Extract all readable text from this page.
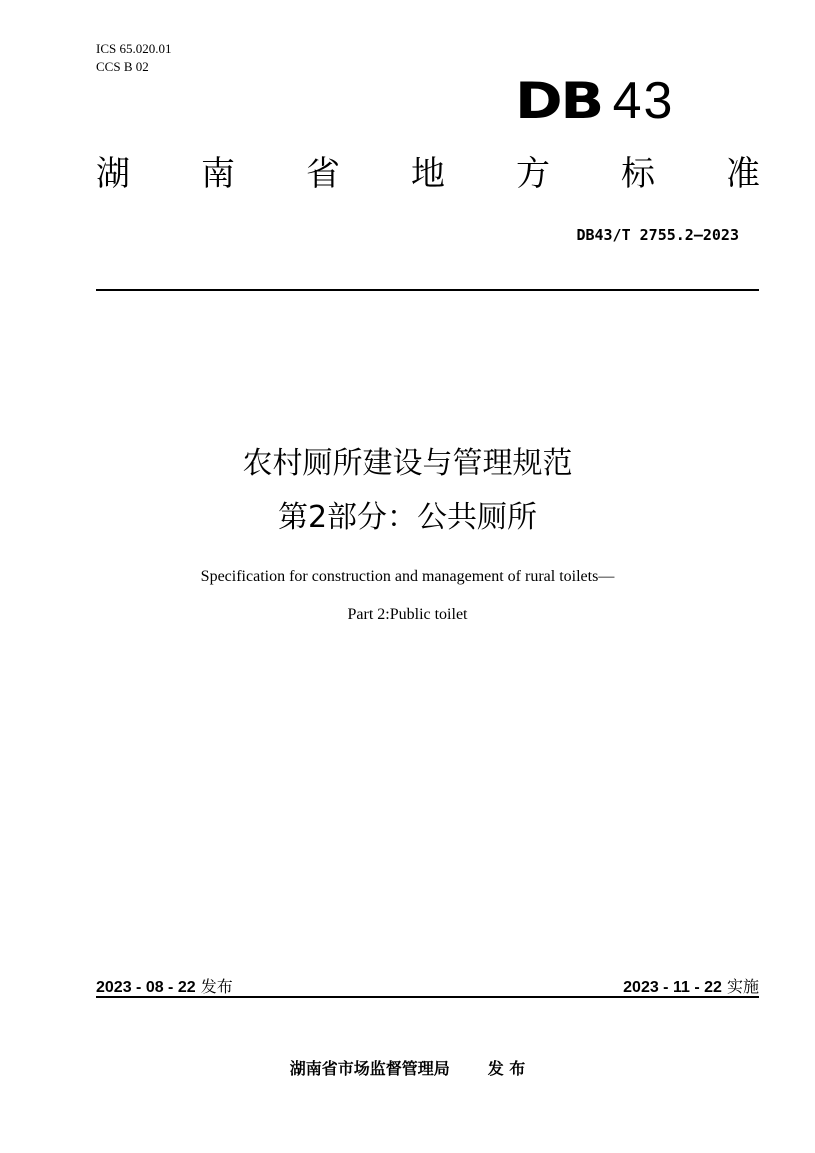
ICS 65.020.01
CCS B 02
DB 43
湖 南 省 地 方 标 准
DB43/T 2755.2—2023
农村厕所建设与管理规范
第2部分：公共厕所
Specification for construction and management of rural toilets—
Part 2:Public toilet
2023 - 08 - 22 发布	2023 - 11 - 22 实施
湖南省市场监督管理局 发 布
